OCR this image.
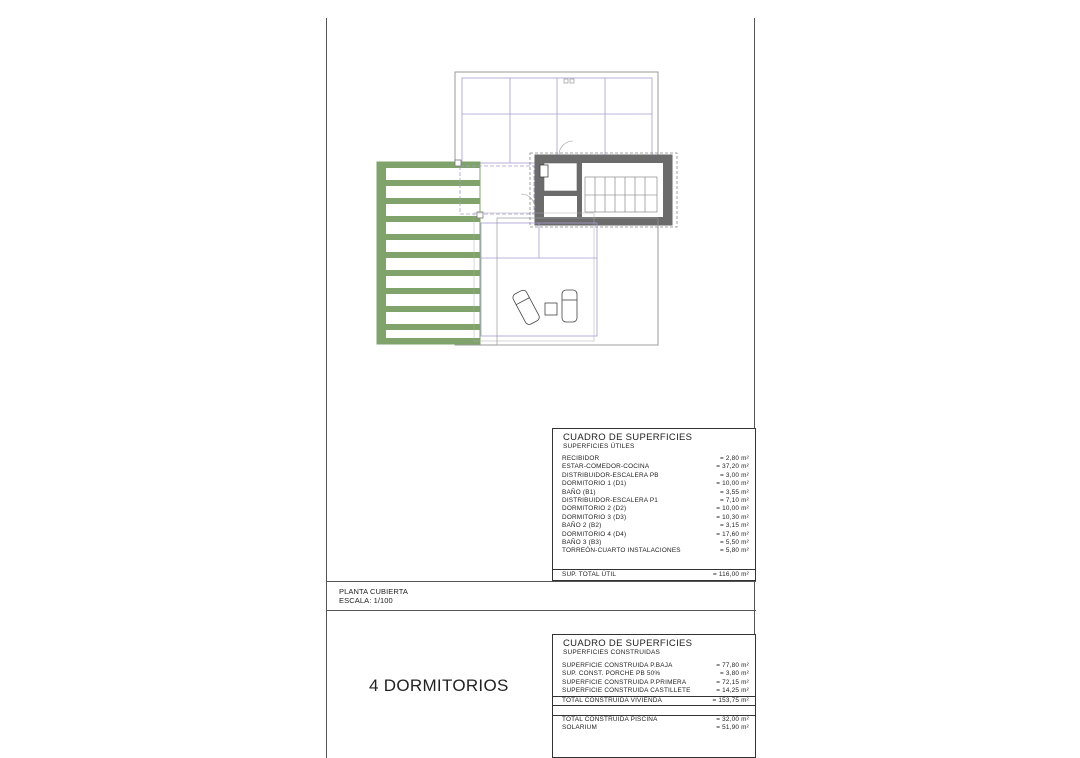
CUADRO DE SUPERFICIES
SUPERFICIES ÚTILES
RECIBIDOR	= 2,80 m²
ESTAR-COMEDOR-COCINA	= 37,20 m²
DISTRIBUIDOR-ESCALERA PB	= 3,00 m²
DORMITORIO 1 (D1)	= 10,00 m²
BAÑO (B1)	= 3,55 m²
DISTRIBUIDOR-ESCALERA P1	= 7,10 m²
DORMITORIO 2 (D2)	= 10,00 m²
DORMITORIO 3 (D3)	= 10,30 m²
BAÑO 2 (B2)	= 3,15 m²
DORMITORIO 4 (D4)	= 17,60 m²
BAÑO 3 (B3)	= 5,50 m²
TORREÓN-CUARTO INSTALACIONES	= 5,80 m²
SUP. TOTAL ÚTIL	= 116,00 m²
PLANTA CUBIERTA
ESCALA: 1/100
4 DORMITORIOS
CUADRO DE SUPERFICIES
SUPERFICIES CONSTRUIDAS
SUPERFICIE CONSTRUIDA P.BAJA	= 77,80 m²
SUP. CONST. PORCHE PB 50%	= 3,80 m²
SUPERFICIE CONSTRUIDA P.PRIMERA	= 72,15 m²
SUPERFICIE CONSTRUIDA CASTILLETE	= 14,25 m²
TOTAL CONSTRUIDA VIVIENDA	= 153,75 m²
TOTAL CONSTRUIDA PISCINA	= 32,00 m²
SOLARIUM	= 51,90 m²
